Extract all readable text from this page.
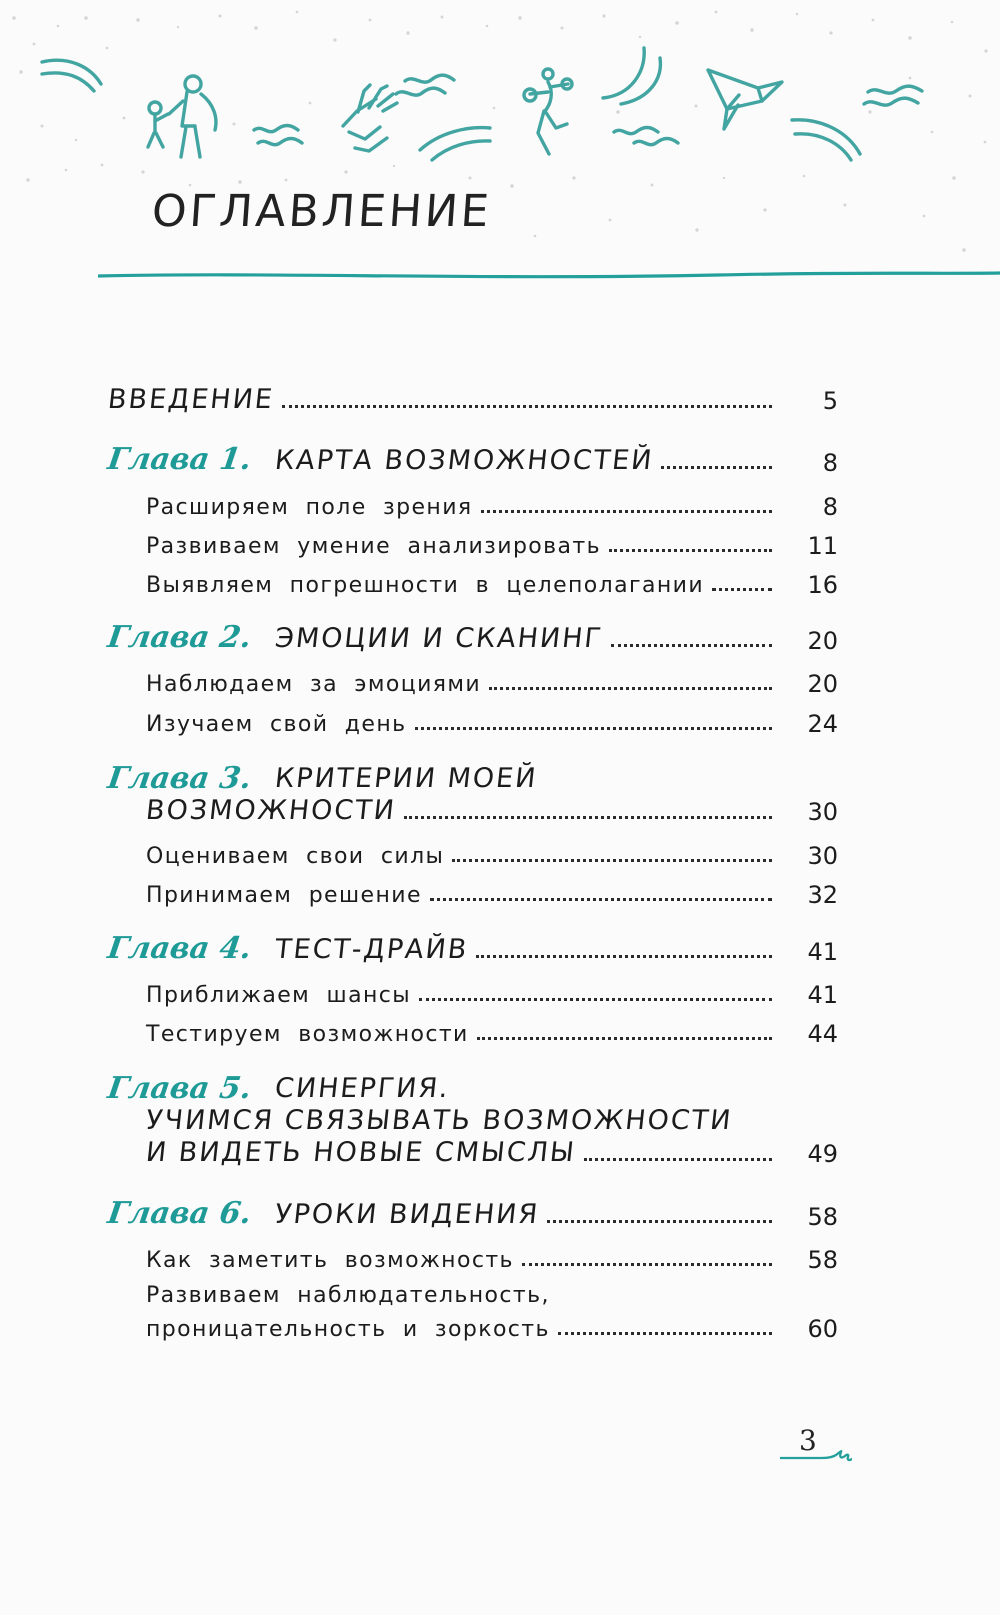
ОГЛАВЛЕНИЕ
ВВЕДЕНИЕ	5
Глава 1. КАРТА ВОЗМОЖНОСТЕЙ	8
Расширяем поле зрения	8
Развиваем умение анализировать	11
Выявляем погрешности в целеполагании	16
Глава 2. ЭМОЦИИ И СКАНИНГ	20
Наблюдаем за эмоциями	20
Изучаем свой день	24
Глава 3. КРИТЕРИИ МОЕЙ
ВОЗМОЖНОСТИ	30
Оцениваем свои силы	30
Принимаем решение	32
Глава 4. ТЕСТ-ДРАЙВ	41
Приближаем шансы	41
Тестируем возможности	44
Глава 5. СИНЕРГИЯ.
УЧИМСЯ СВЯЗЫВАТЬ ВОЗМОЖНОСТИ
И ВИДЕТЬ НОВЫЕ СМЫСЛЫ	49
Глава 6. УРОКИ ВИДЕНИЯ	58
Как заметить возможность	58
Развиваем наблюдательность,
проницательность и зоркость	60
3
